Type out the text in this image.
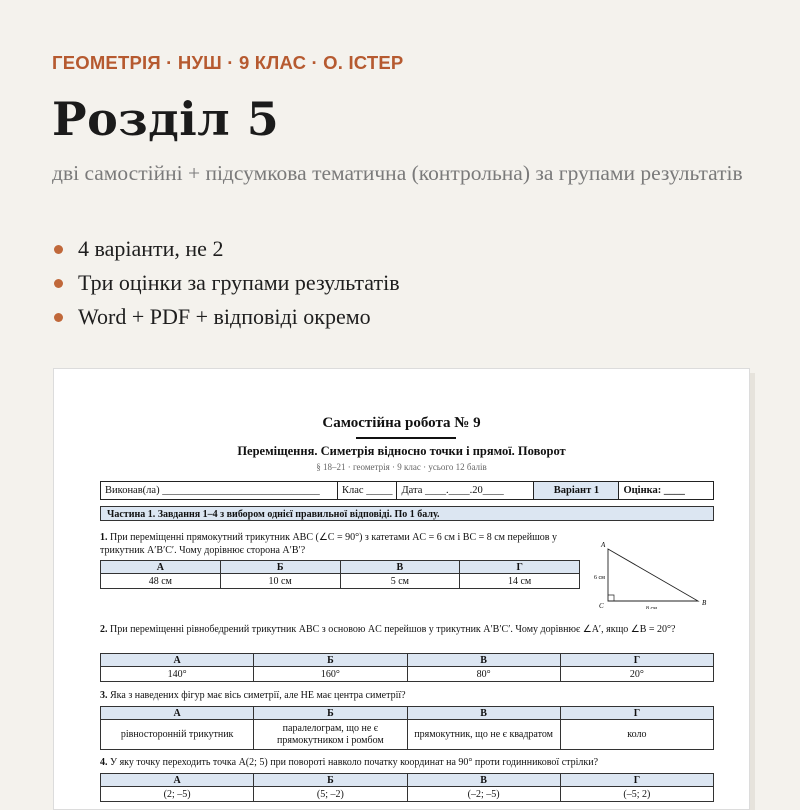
ГЕОМЕТРІЯ · НУШ · 9 КЛАС · О. ІСТЕР
Розділ 5
дві самостійні + підсумкова тематична (контрольна) за групами результатів
4 варіанти, не 2
Три оцінки за групами результатів
Word + PDF + відповіді окремо
Самостійна робота № 9
Переміщення. Симетрія відносно точки і прямої. Поворот
§ 18–21 · геометрія · 9 клас · усього 12 балів
Виконав(ла) ______________________________	Клас _____	Дата ____.____.20____	Варіант 1	Оцінка: ____
Частина 1. Завдання 1–4 з вибором однієї правильної відповіді. По 1 балу.
1. При переміщенні прямокутний трикутник ABC (∠C = 90°) з катетами AC = 6 см і BC = 8 см перейшов у трикутник A′B′C′. Чому дорівнює сторона A′B′?
А	Б	В	Г
48 см	10 см	5 см	14 см
A
C	B
6 см
8 см
2. При переміщенні рівнобедрений трикутник ABC з основою AC перейшов у трикутник A′B′C′. Чому дорівнює ∠A′, якщо ∠B = 20°?
А	Б	В	Г
140°	160°	80°	20°
3. Яка з наведених фігур має вісь симетрії, але НЕ має центра симетрії?
А	Б	В	Г
рівносторонній трикутник	паралелограм, що не є прямокутником і ромбом	прямокутник, що не є квадратом	коло
4. У яку точку переходить точка A(2; 5) при повороті навколо початку координат на 90° проти годинникової стрілки?
А	Б	В	Г
(2; –5)	(5; –2)	(–2; –5)	(–5; 2)
